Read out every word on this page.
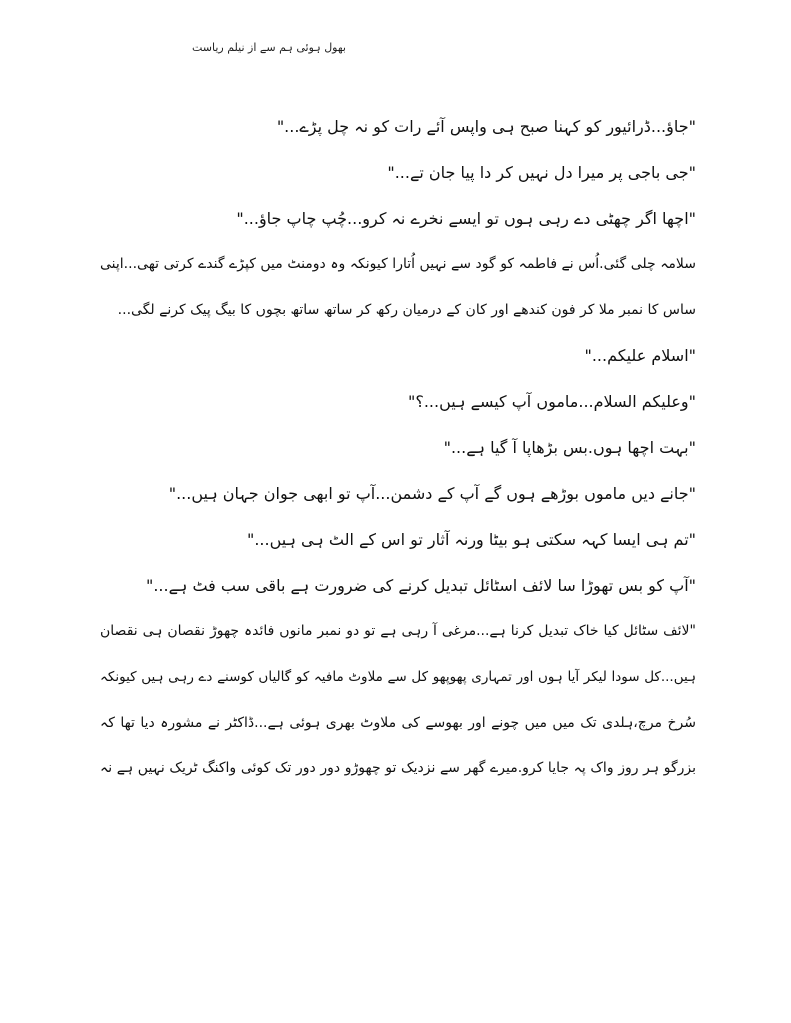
بھول ہوئی ہم سے از نیلم ریاست
"جاؤ...ڈرائیور کو کہنا صبح ہی واپس آئے رات کو نہ چل پڑے..."
"جی باجی پر میرا دل نہیں کر دا پیا جان تے..."
"اچھا اگر چھٹی دے رہی ہوں تو ایسے نخرے نہ کرو...چُپ چاپ جاؤ..."
سلامہ چلی گئی.اُس نے فاطمہ کو گود سے نہیں اُتارا کیونکہ وہ دومنٹ میں کپڑے گندے کرتی تھی...اپنی
ساس کا نمبر ملا کر فون کندھے اور کان کے درمیان رکھ کر ساتھ ساتھ بچوں کا بیگ پیک کرنے لگی...
"اسلام علیکم..."
"وعلیکم السلام...ماموں آپ کیسے ہیں...؟"
"بہت اچھا ہوں.بس بڑھاپا آ گیا ہے..."
"جانے دیں ماموں بوڑھے ہوں گے آپ کے دشمن...آپ تو ابھی جوان جہان ہیں..."
"تم ہی ایسا کہہ سکتی ہو بیٹا ورنہ آثار تو اس کے الٹ ہی ہیں..."
"آپ کو بس تھوڑا سا لائف اسٹائل تبدیل کرنے کی ضرورت ہے باقی سب فٹ ہے..."
"لائف سٹائل کیا خاک تبدیل کرنا ہے...مرغی آ رہی ہے تو دو نمبر مانوں فائدہ چھوڑ نقصان ہی نقصان
ہیں...کل سودا لیکر آیا ہوں اور تمہاری پھوپھو کل سے ملاوٹ مافیہ کو گالیاں کوسنے دے رہی ہیں کیونکہ
سُرخ مرچ،ہلدی تک میں میں چونے اور بھوسے کی ملاوٹ بھری ہوئی ہے...ڈاکٹر نے مشورہ دیا تھا کہ
بزرگو ہر روز واک پہ جایا کرو.میرے گھر سے نزدیک تو چھوڑو دور دور تک کوئی واکنگ ٹریک نہیں ہے نہ
